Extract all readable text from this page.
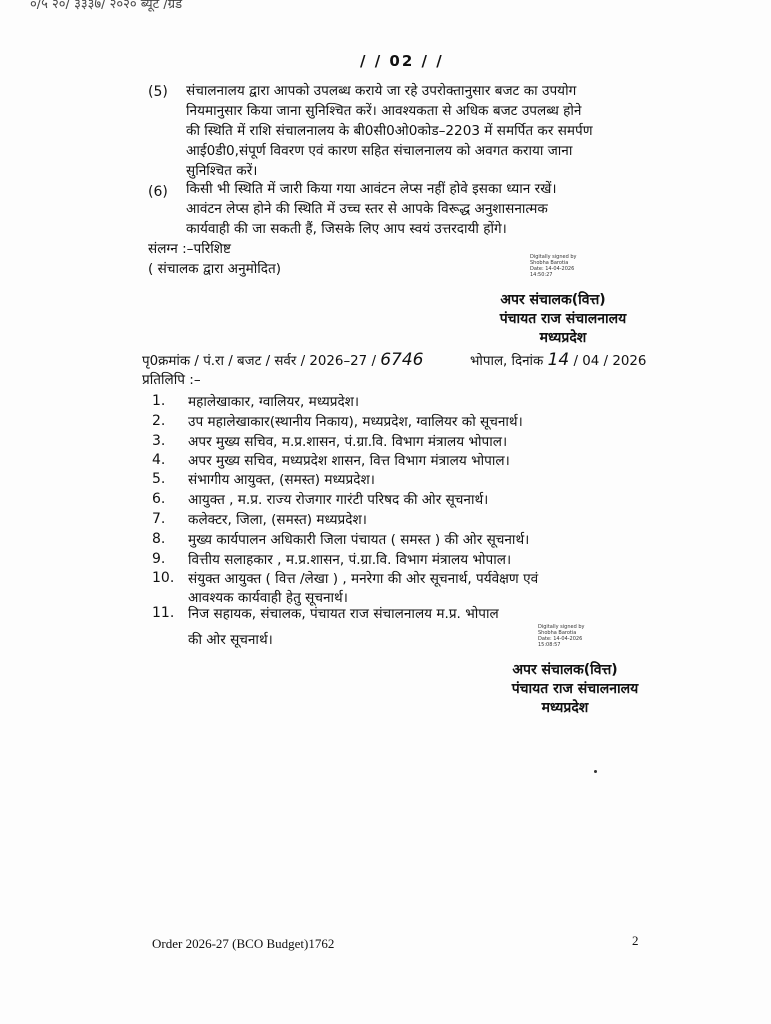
०/५ २०/ ३३३७/ २०२० ब्यूट /ग्रड
/ / 02 / /
(5) संचालनालय द्वारा आपको उपलब्ध कराये जा रहे उपरोक्तानुसार बजट का उपयोग
नियमानुसार किया जाना सुनिश्चित करें। आवश्यकता से अधिक बजट उपलब्ध होने
की स्थिति में राशि संचालनालय के बी0सी0ओ0कोड–2203 में समर्पित कर समर्पण
आई0डी0,संपूर्ण विवरण एवं कारण सहित संचालनालय को अवगत कराया जाना
सुनिश्चित करें।
(6) किसी भी स्थिति में जारी किया गया आवंटन लेप्स नहीं होवे इसका ध्यान रखें।
आवंटन लेप्स होने की स्थिति में उच्च स्तर से आपके विरूद्ध अनुशासनात्मक
कार्यवाही की जा सकती हैं, जिसके लिए आप स्वयं उत्तरदायी होंगे।
संलग्न :–परिशिष्ट
( संचालक द्वारा अनुमोदित)
Digitally signed by
Shobha Barotia
Date: 14-04-2026
14:50:27
अपर संचालक(वित्त)
पंचायत राज संचालनालय
मध्यप्रदेश
पृ0क्रमांक / पं.रा / बजट / सर्वर / 2026–27 / 6746	भोपाल, दिनांक 14 / 04 / 2026
प्रतिलिपि :–
1. महालेखाकार, ग्वालियर, मध्यप्रदेश।
2. उप महालेखाकार(स्थानीय निकाय), मध्यप्रदेश, ग्वालियर को सूचनार्थ।
3. अपर मुख्य सचिव, म.प्र.शासन, पं.ग्रा.वि. विभाग मंत्रालय भोपाल।
4. अपर मुख्य सचिव, मध्यप्रदेश शासन, वित्त विभाग मंत्रालय भोपाल।
5. संभागीय आयुक्त, (समस्त) मध्यप्रदेश।
6. आयुक्त , म.प्र. राज्य रोजगार गारंटी परिषद की ओर सूचनार्थ।
7. कलेक्टर, जिला, (समस्त) मध्यप्रदेश।
8. मुख्य कार्यपालन अधिकारी जिला पंचायत ( समस्त ) की ओर सूचनार्थ।
9. वित्तीय सलाहकार , म.प्र.शासन, पं.ग्रा.वि. विभाग मंत्रालय भोपाल।
10. संयुक्त आयुक्त ( वित्त /लेखा ) , मनरेगा की ओर सूचनार्थ, पर्यवेक्षण एवं
आवश्यक कार्यवाही हेतु सूचनार्थ।
11. निज सहायक, संचालक, पंचायत राज संचालनालय म.प्र. भोपाल
की ओर सूचनार्थ।
Digitally signed by
Shobha Barotia
Date: 14-04-2026
15:08:57
अपर संचालक(वित्त)
पंचायत राज संचालनालय
मध्यप्रदेश
Order 2026-27 (BCO Budget)1762	2
